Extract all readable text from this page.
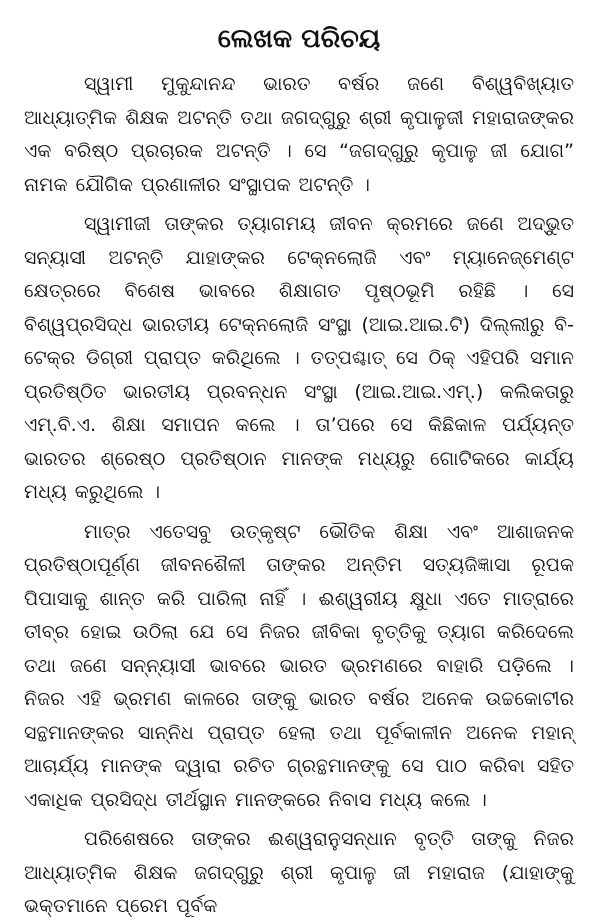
ଲେଖକ ପରିଚୟ

ସ୍ୱାମୀ ମୁକୁନ୍ଦାନନ୍ଦ ଭାରତ ବର୍ଷର ଜଣେ ବିଶ୍ୱବିଖ୍ୟାତ ଆଧ୍ୟାତ୍ମିକ ଶିକ୍ଷକ ଅଟନ୍ତି ତଥା ଜଗଦ୍‌ଗୁରୁ ଶ୍ରୀ କୃପାଳୁଜୀ ମହାରାଜଙ୍କର ଏକ ବରିଷ୍ଠ ପ୍ରଚାରକ ଅଟନ୍ତି । ସେ “ଜଗଦ୍‌ଗୁରୁ କୃପାଳୁ ଜୀ ଯୋଗ” ନାମକ ଯୌଗିକ ପ୍ରଣାଳୀର ସଂସ୍ଥାପକ ଅଟନ୍ତି ।

ସ୍ୱାମୀଜୀ ତାଙ୍କର ତ୍ୟାଗମୟ ଜୀବନ କ୍ରମରେ ଜଣେ ଅଦ୍ଭୁତ ସନ୍ୟାସୀ ଅଟନ୍ତି ଯାହାଙ୍କର ଟେକ୍‌ନଲୋଜି ଏବଂ ମ୍ୟାନେଜ୍‌ମେଣ୍ଟ କ୍ଷେତ୍ରରେ ବିଶେଷ ଭାବରେ ଶିକ୍ଷାଗତ ପୃଷ୍ଠଭୂମି ରହିଛି । ସେ ବିଶ୍ୱପ୍ରସିଦ୍ଧ ଭାରତୀୟ ଟେକ୍‌ନଲୋଜି ସଂସ୍ଥା (ଆଇ.ଆଇ.ଟି) ଦିଲ୍ଲୀରୁ ବି-ଟେକ୍‌ର ଡିଗ୍ରୀ ପ୍ରାପ୍ତ କରିଥିଲେ । ତତ୍‌ପଶ୍ଚାତ୍ ସେ ଠିକ୍ ଏହିପରି ସମାନ ପ୍ରତିଷ୍ଠିତ ଭାରତୀୟ ପ୍ରବନ୍ଧନ ସଂସ୍ଥା (ଆଇ.ଆଇ.ଏମ୍.) କଲିକତାରୁ ଏମ୍.ବି.ଏ. ଶିକ୍ଷା ସମାପନ କଲେ । ତା’ପରେ ସେ କିଛିକାଳ ପର୍ଯ୍ୟନ୍ତ ଭାରତର ଶ୍ରେଷ୍ଠ ପ୍ରତିଷ୍ଠାନ ମାନଙ୍କ ମଧ୍ୟରୁ ଗୋଟିକରେ କାର୍ଯ୍ୟ ମଧ୍ୟ କରୁଥିଲେ ।

ମାତ୍ର ଏତେସବୁ ଉତ୍କୃଷ୍ଟ ଭୌତିକ ଶିକ୍ଷା ଏବଂ ଆଶାଜନକ ପ୍ରତିଷ୍ଠାପୂର୍ଣ୍ଣ ଜୀବନଶୈଳୀ ତାଙ୍କର ଅନ୍ତିମ ସତ୍ୟଜିଜ୍ଞାସା ରୂପକ ପିପାସାକୁ ଶାନ୍ତ କରି ପାରିଲା ନାହିଁ । ଈଶ୍ୱରୀୟ କ୍ଷୁଧା ଏତେ ମାତ୍ରାରେ ତୀବ୍ର ହୋଇ ଉଠିଲା ଯେ ସେ ନିଜର ଜୀବିକା ବୃତ୍ତିକୁ ତ୍ୟାଗ କରିଦେଲେ ତଥା ଜଣେ ସନ୍ନ୍ୟାସୀ ଭାବରେ ଭାରତ ଭ୍ରମଣରେ ବାହାରି ପଡ଼ିଲେ । ନିଜର ଏହି ଭ୍ରମଣ କାଳରେ ତାଙ୍କୁ ଭାରତ ବର୍ଷର ଅନେକ ଉଚ୍ଚକୋଟୀର ସନ୍ଥମାନଙ୍କର ସାନ୍ନିଧ ପ୍ରାପ୍ତ ହେଲା ତଥା ପୂର୍ବକାଳୀନ ଅନେକ ମହାନ୍ ଆଚାର୍ଯ୍ୟ ମାନଙ୍କ ଦ୍ୱାରା ରଚିତ ଗ୍ରନ୍ଥମାନଙ୍କୁ ସେ ପାଠ କରିବା ସହିତ ଏକାଧିକ ପ୍ରସିଦ୍ଧ ତୀର୍ଥସ୍ଥାନ ମାନଙ୍କରେ ନିବାସ ମଧ୍ୟ କଲେ ।

ପରିଶେଷରେ ତାଙ୍କର ଈଶ୍ୱରାନୁସନ୍ଧାନ ବୃତ୍ତି ତାଙ୍କୁ ନିଜର ଆଧ୍ୟାତ୍ମିକ ଶିକ୍ଷକ ଜଗଦ୍‌ଗୁରୁ ଶ୍ରୀ କୃପାଳୁ ଜୀ ମହାରାଜ (ଯାହାଙ୍କୁ ଭକ୍ତମାନେ ପ୍ରେମ ପୂର୍ବକ
